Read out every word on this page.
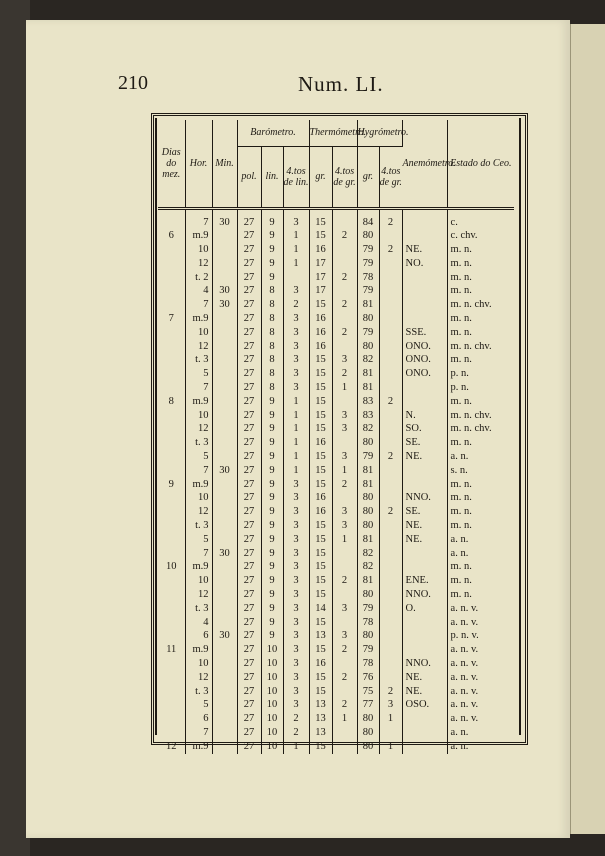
210	Num. LI.
Dias do mez.	Hor.	Min.	Barómetro.			Thermómetro.		Hygrómetro.		Anemómetro.	Estado do Ceo.
			pol.	lin.	4.tos de lin.	gr.	4.tos de gr.	gr.	4.tos de gr.		
	7	30	27	9	3	15		84	2		c.
6	m.9		27	9	1	15	2	80			c. chv.
	10		27	9	1	16		79	2	NE.	m. n.
	12		27	9	1	17		79		NO.	m. n.
	t. 2		27	9		17	2	78			m. n.
	4	30	27	8	3	17		79			m. n.
	7	30	27	8	2	15	2	81			m. n. chv.
7	m.9		27	8	3	16		80			m. n.
	10		27	8	3	16	2	79		SSE.	m. n.
	12		27	8	3	16		80		ONO.	m. n. chv.
	t. 3		27	8	3	15	3	82		ONO.	m. n.
	5		27	8	3	15	2	81		ONO.	p. n.
	7		27	8	3	15	1	81			p. n.
8	m.9		27	9	1	15		83	2		m. n.
	10		27	9	1	15	3	83		N.	m. n. chv.
	12		27	9	1	15	3	82		SO.	m. n. chv.
	t. 3		27	9	1	16		80		SE.	m. n.
	5		27	9	1	15	3	79	2	NE.	a. n.
	7	30	27	9	1	15	1	81			s. n.
9	m.9		27	9	3	15	2	81			m. n.
	10		27	9	3	16		80		NNO.	m. n.
	12		27	9	3	16	3	80	2	SE.	m. n.
	t. 3		27	9	3	15	3	80		NE.	m. n.
	5		27	9	3	15	1	81		NE.	a. n.
	7	30	27	9	3	15		82			a. n.
10	m.9		27	9	3	15		82			m. n.
	10		27	9	3	15	2	81		ENE.	m. n.
	12		27	9	3	15		80		NNO.	m. n.
	t. 3		27	9	3	14	3	79		O.	a. n. v.
	4		27	9	3	15		78			a. n. v.
	6	30	27	9	3	13	3	80			p. n. v.
11	m.9		27	10	3	15	2	79			a. n. v.
	10		27	10	3	16		78		NNO.	a. n. v.
	12		27	10	3	15	2	76		NE.	a. n. v.
	t. 3		27	10	3	15		75	2	NE.	a. n. v.
	5		27	10	3	13	2	77	3	OSO.	a. n. v.
	6		27	10	2	13	1	80	1		a. n. v.
	7		27	10	2	13		80			a. n.
12	m.9		27	10	1	15		80	1		a. n.
